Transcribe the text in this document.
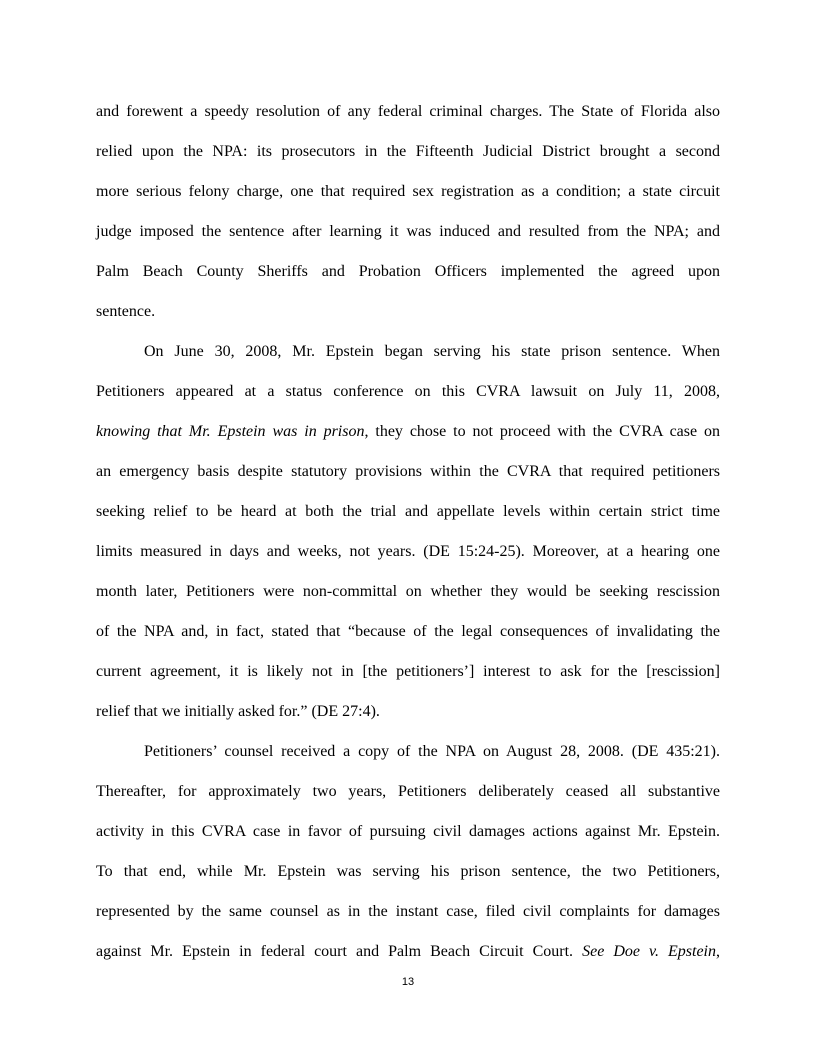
and forewent a speedy resolution of any federal criminal charges. The State of Florida also

relied upon the NPA: its prosecutors in the Fifteenth Judicial District brought a second

more serious felony charge, one that required sex registration as a condition; a state circuit

judge imposed the sentence after learning it was induced and resulted from the NPA; and

Palm Beach County Sheriffs and Probation Officers implemented the agreed upon

sentence.

On June 30, 2008, Mr. Epstein began serving his state prison sentence. When

Petitioners appeared at a status conference on this CVRA lawsuit on July 11, 2008,

knowing that Mr. Epstein was in prison, they chose to not proceed with the CVRA case on

an emergency basis despite statutory provisions within the CVRA that required petitioners

seeking relief to be heard at both the trial and appellate levels within certain strict time

limits measured in days and weeks, not years. (DE 15:24-25). Moreover, at a hearing one

month later, Petitioners were non-committal on whether they would be seeking rescission

of the NPA and, in fact, stated that “because of the legal consequences of invalidating the

current agreement, it is likely not in [the petitioners’] interest to ask for the [rescission]

relief that we initially asked for.” (DE 27:4).

Petitioners’ counsel received a copy of the NPA on August 28, 2008. (DE 435:21).

Thereafter, for approximately two years, Petitioners deliberately ceased all substantive

activity in this CVRA case in favor of pursuing civil damages actions against Mr. Epstein.

To that end, while Mr. Epstein was serving his prison sentence, the two Petitioners,

represented by the same counsel as in the instant case, filed civil complaints for damages

against Mr. Epstein in federal court and Palm Beach Circuit Court. See Doe v. Epstein,

13
